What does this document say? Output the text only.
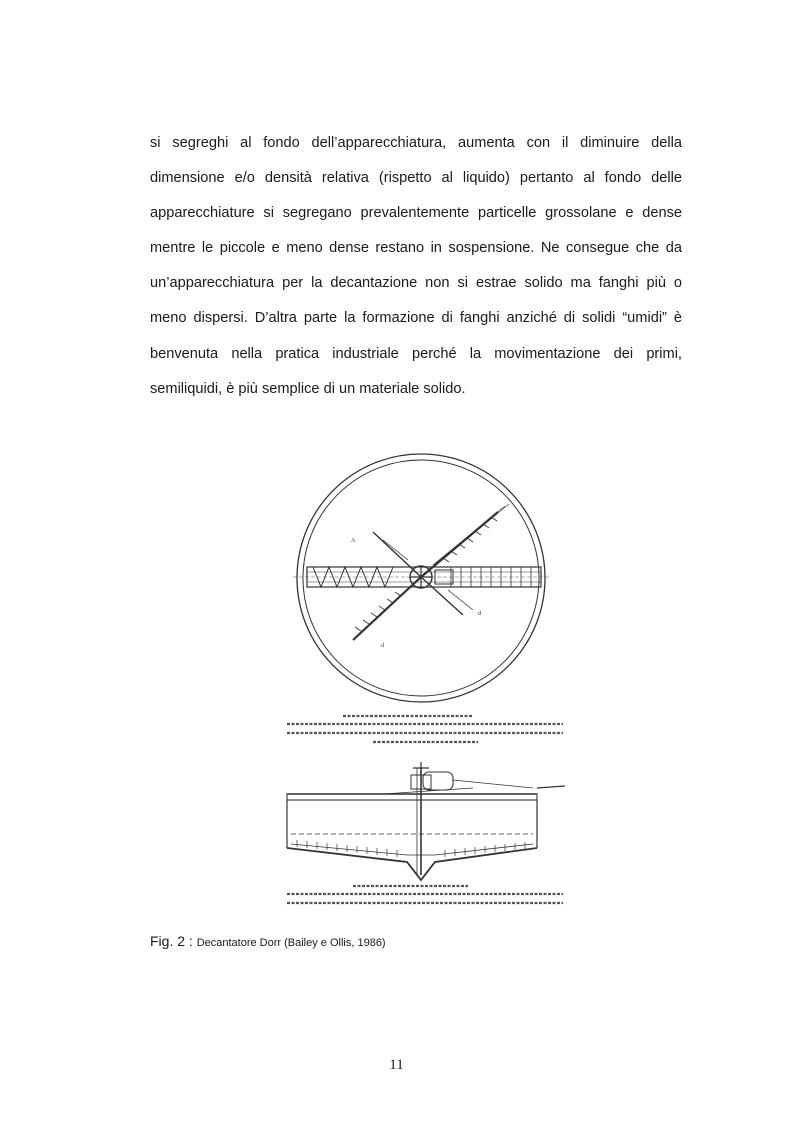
si segreghi al fondo dell’apparecchiatura, aumenta con il diminuire della
dimensione e/o densità relativa (rispetto al liquido) pertanto al fondo delle
apparecchiature si segregano prevalentemente particelle grossolane e dense
mentre le piccole e meno dense restano in sospensione. Ne consegue che da
un’apparecchiatura per la decantazione non si estrae solido ma fanghi più o
meno dispersi. D’altra parte la formazione di fanghi anziché di solidi “umidi” è
benvenuta nella pratica industriale perché la movimentazione dei primi,
semiliquidi, è più semplice di un materiale solido.
A
d
d
Fig. 2 : Decantatore Dorr (Bailey e Ollis, 1986)
11
